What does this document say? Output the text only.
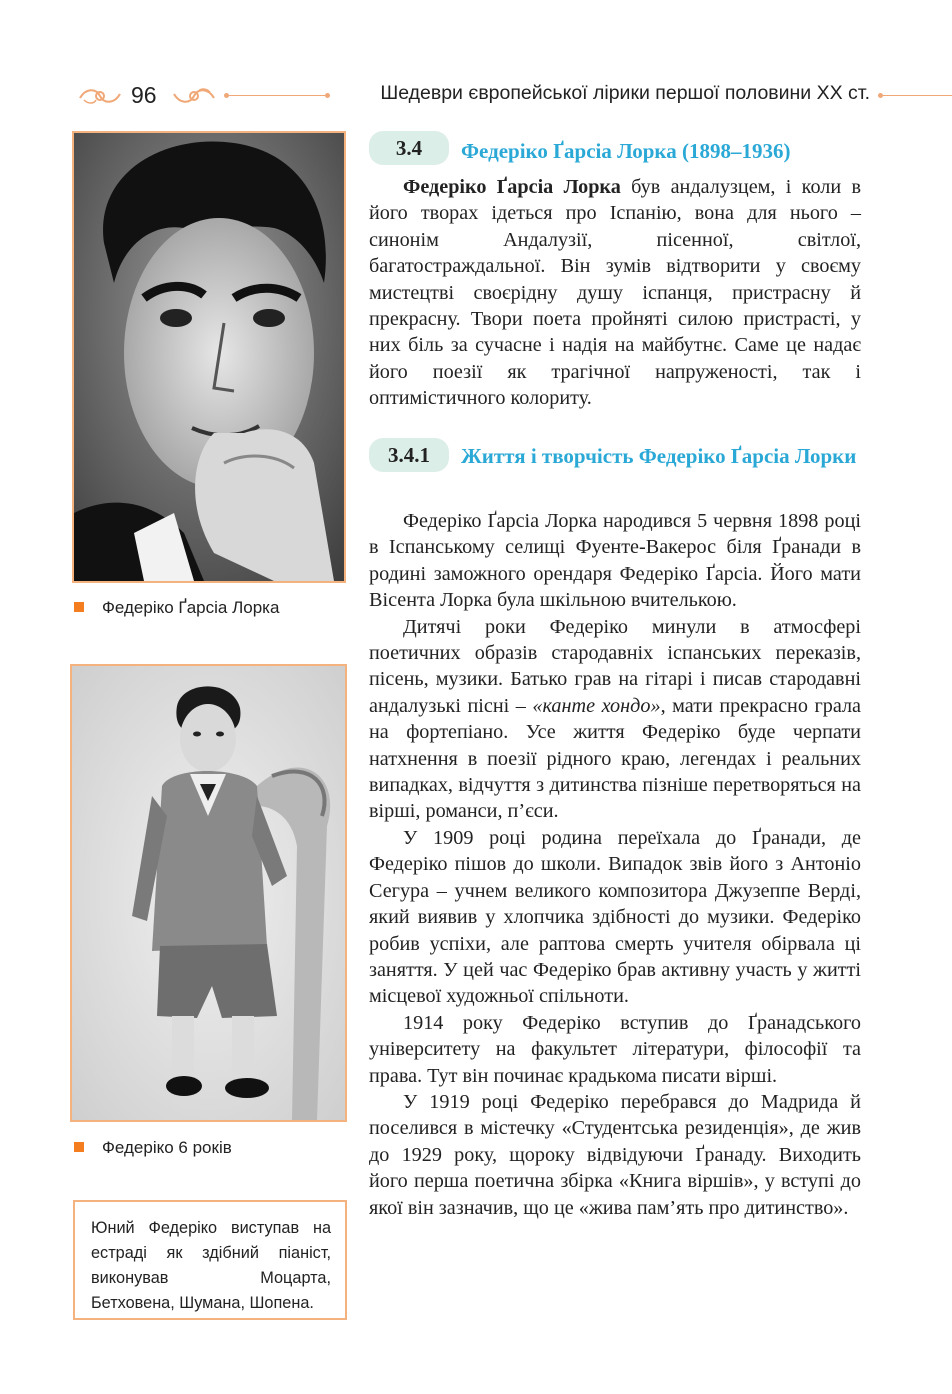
96	Шедеври європейської лірики першої половини ХХ ст.
Федеріко Ґарсіа Лорка
Федеріко 6 років
Юний Федеріко виступав на естраді як здібний піаніст, виконував Моцарта, Бетховена, Шумана, Шопена.
3.4	Федеріко Ґарсіа Лорка (1898–1936)

Федеріко Ґарсіа Лорка був андалузцем, і коли в його творах ідеться про Іспанію, вона для нього – синонім Андалузії, пісенної, світлої, багатостраждальної. Він зумів відтворити у своєму мистецтві своєрідну душу іспанця, пристрасну й прекрасну. Твори поета пройняті силою пристрасті, у них біль за сучасне і надія на майбутнє. Саме це надає його поезії як трагічної напруженості, так і оптимістичного колориту.

3.4.1	Життя і творчість Федеріко Ґарсіа Лорки

Федеріко Ґарсіа Лорка народився 5 червня 1898 році в Іспанському селищі Фуенте-Вакерос біля Ґранади в родині заможного орендаря Федеріко Ґарсіа. Його мати Вісента Лорка була шкільною вчителькою.

Дитячі роки Федеріко минули в атмосфері поетичних образів стародавніх іспанських переказів, пісень, музики. Батько грав на гітарі і писав стародавні андалузькі пісні – «канте хондо», мати прекрасно грала на фортепіано. Усе життя Федеріко буде черпати натхнення в поезії рідного краю, легендах і реальних випадках, відчуття з дитинства пізніше перетворяться на вірші, романси, п’єси.

У 1909 році родина переїхала до Ґранади, де Федеріко пішов до школи. Випадок звів його з Антоніо Сегура – учнем великого композитора Джузеппе Верді, який виявив у хлопчика здібності до музики. Федеріко робив успіхи, але раптова смерть учителя обірвала ці заняття. У цей час Федеріко брав активну участь у житті місцевої художньої спільноти.

1914 року Федеріко вступив до Ґранадського університету на факультет літератури, філософії та права. Тут він починає крадькома писати вірші.

У 1919 році Федеріко перебрався до Мадрида й поселився в містечку «Студентська резиденція», де жив до 1929 року, щороку відвідуючи Ґранаду. Виходить його перша поетична збірка «Книга віршів», у вступі до якої він зазначив, що це «жива пам’ять про дитинство».
